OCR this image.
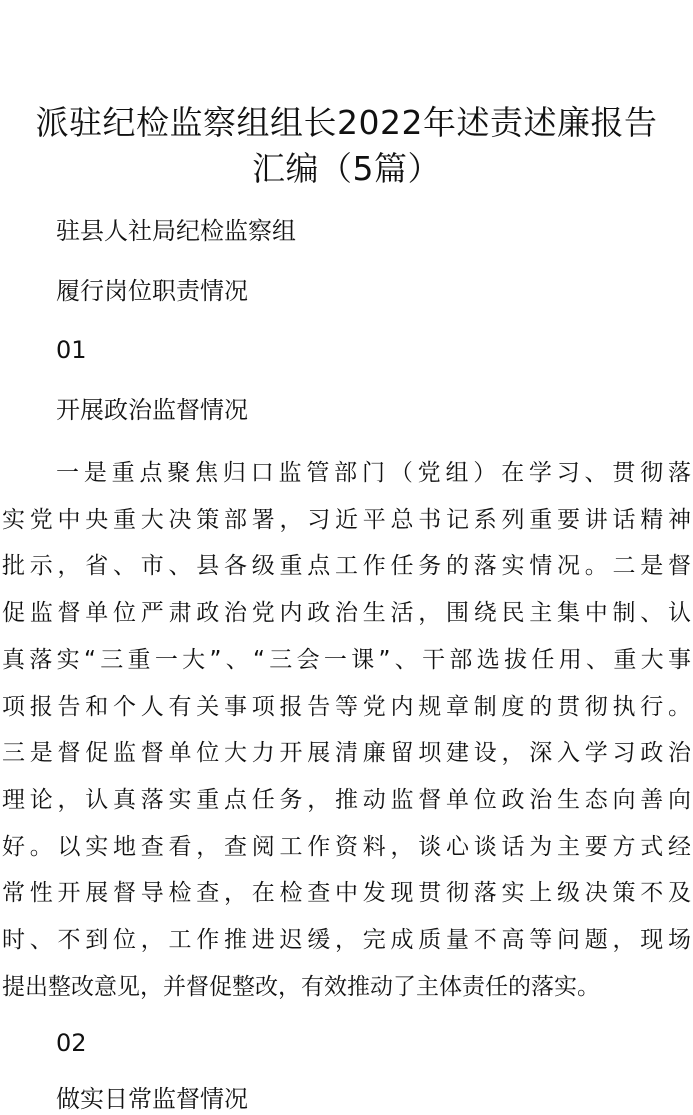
派驻纪检监察组组长2022年述责述廉报告
汇编（5篇）

驻县人社局纪检监察组

履行岗位职责情况

01

开展政治监督情况

一是重点聚焦归口监管部门（党组）在学习、贯彻落
实党中央重大决策部署，习近平总书记系列重要讲话精神
批示，省、市、县各级重点工作任务的落实情况。二是督
促监督单位严肃政治党内政治生活，围绕民主集中制、认
真落实“三重一大”、“三会一课”、干部选拔任用、重大事
项报告和个人有关事项报告等党内规章制度的贯彻执行。
三是督促监督单位大力开展清廉留坝建设，深入学习政治
理论，认真落实重点任务，推动监督单位政治生态向善向
好。以实地查看，查阅工作资料，谈心谈话为主要方式经
常性开展督导检查，在检查中发现贯彻落实上级决策不及
时、不到位，工作推进迟缓，完成质量不高等问题，现场
提出整改意见，并督促整改，有效推动了主体责任的落实。

02

做实日常监督情况
